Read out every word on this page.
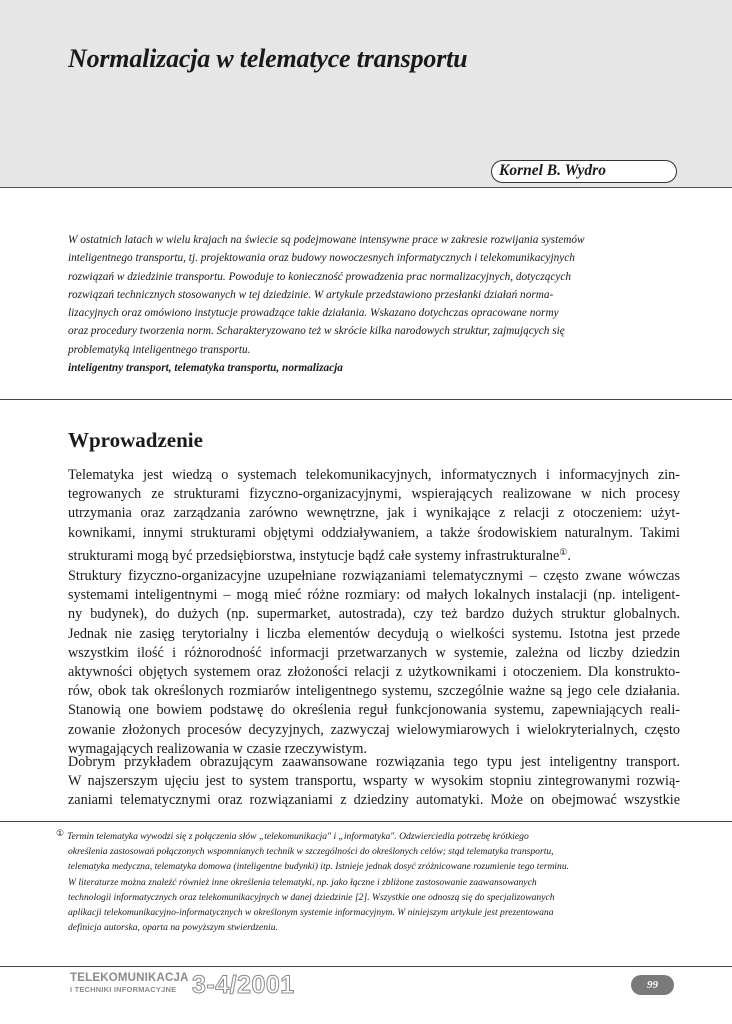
Normalizacja w telematyce transportu
Kornel B. Wydro
W ostatnich latach w wielu krajach na świecie są podejmowane intensywne prace w zakresie rozwijania systemów
inteligentnego transportu, tj. projektowania oraz budowy nowoczesnych informatycznych i telekomunikacyjnych
rozwiązań w dziedzinie transportu. Powoduje to konieczność prowadzenia prac normalizacyjnych, dotyczących
rozwiązań technicznych stosowanych w tej dziedzinie. W artykule przedstawiono przesłanki działań norma-
lizacyjnych oraz omówiono instytucje prowadzące takie działania. Wskazano dotychczas opracowane normy
oraz procedury tworzenia norm. Scharakteryzowano też w skrócie kilka narodowych struktur, zajmujących się
problematyką inteligentnego transportu.

inteligentny transport, telematyka transportu, normalizacja

Wprowadzenie
Telematyka jest wiedzą o systemach telekomunikacyjnych, informatycznych i informacyjnych zin-
tegrowanych ze strukturami fizyczno-organizacyjnymi, wspierających realizowane w nich procesy
utrzymania oraz zarządzania zarówno wewnętrzne, jak i wynikające z relacji z otoczeniem: użyt-
kownikami, innymi strukturami objętymi oddziaływaniem, a także środowiskiem naturalnym. Takimi
strukturami mogą być przedsiębiorstwa, instytucje bądź całe systemy infrastrukturalne①.
Struktury fizyczno-organizacyjne uzupełniane rozwiązaniami telematycznymi – często zwane wówczas
systemami inteligentnymi – mogą mieć różne rozmiary: od małych lokalnych instalacji (np. inteligent-
ny budynek), do dużych (np. supermarket, autostrada), czy też bardzo dużych struktur globalnych.
Jednak nie zasięg terytorialny i liczba elementów decydują o wielkości systemu. Istotna jest przede
wszystkim ilość i różnorodność informacji przetwarzanych w systemie, zależna od liczby dziedzin
aktywności objętych systemem oraz złożoności relacji z użytkownikami i otoczeniem. Dla konstrukto-
rów, obok tak określonych rozmiarów inteligentnego systemu, szczególnie ważne są jego cele działania.
Stanowią one bowiem podstawę do określenia reguł funkcjonowania systemu, zapewniających reali-
zowanie złożonych procesów decyzyjnych, zazwyczaj wielowymiarowych i wielokryterialnych, często
wymagających realizowania w czasie rzeczywistym.
Dobrym przykładem obrazującym zaawansowane rozwiązania tego typu jest inteligentny transport.
W najszerszym ujęciu jest to system transportu, wsparty w wysokim stopniu zintegrowanymi rozwią-
zaniami telematycznymi oraz rozwiązaniami z dziedziny automatyki. Może on obejmować wszystkie
① Termin telematyka wywodzi się z połączenia słów „telekomunikacja" i „informatyka". Odzwierciedla potrzebę krótkiego
określenia zastosowań połączonych wspomnianych technik w szczególności do określonych celów; stąd telematyka transportu,
telematyka medyczna, telematyka domowa (inteligentne budynki) itp. Istnieje jednak dosyć zróżnicowane rozumienie tego terminu.
W literaturze można znaleźć również inne określenia telematyki, np. jako łączne i zbliżone zastosowanie zaawansowanych
technologii informatycznych oraz telekomunikacyjnych w danej dziedzinie [2]. Wszystkie one odnoszą się do specjalizowanych
aplikacji telekomunikacyjno-informatycznych w określonym systemie informacyjnym. W niniejszym artykule jest prezentowana
definicja autorska, oparta na powyższym stwierdzeniu.
TELEKOMUNIKACJA
I TECHNIKI INFORMACYJNE 3-4/2001	99
